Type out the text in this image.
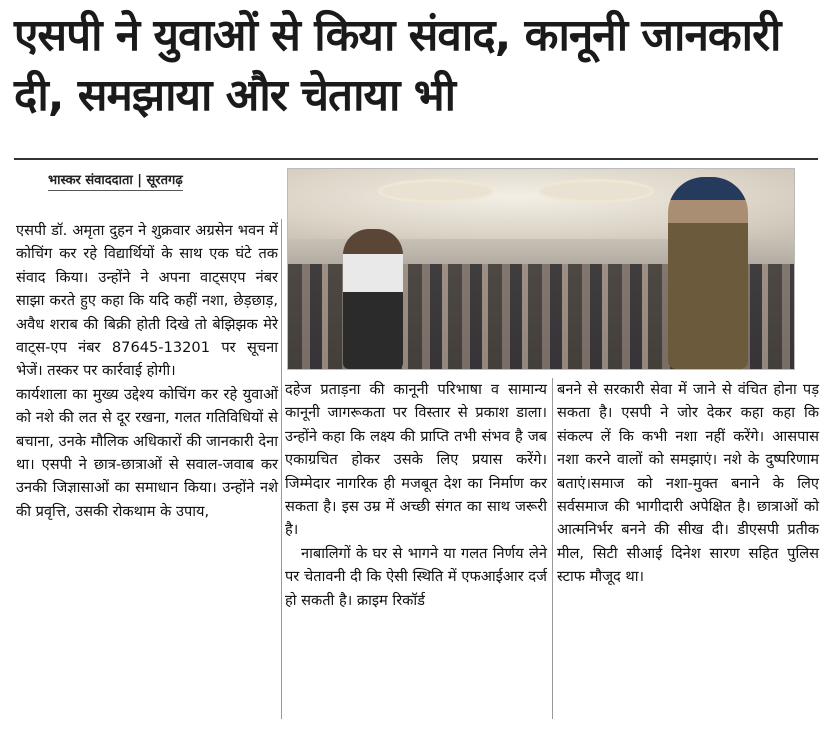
एसपी ने युवाओं से किया संवाद, कानूनी जानकारी दी, समझाया और चेताया भी
भास्कर संवाददाता | सूरतगढ़

एसपी डॉ. अमृता दुहन ने शुक्रवार अग्रसेन भवन में कोचिंग कर रहे विद्यार्थियों के साथ एक घंटे तक संवाद किया। उन्होंने ने अपना वाट्सएप नंबर साझा करते हुए कहा कि यदि कहीं नशा, छेड़छाड़, अवैध शराब की बिक्री होती दिखे तो बेझिझक मेरे वाट्स-एप नंबर 87645-13201 पर सूचना भेजें। तस्कर पर कार्रवाई होगी।

कार्यशाला का मुख्य उद्देश्य कोचिंग कर रहे युवाओं को नशे की लत से दूर रखना, गलत गतिविधियों से बचाना, उनके मौलिक अधिकारों की जानकारी देना था। एसपी ने छात्र-छात्राओं से सवाल-जवाब कर उनकी जिज्ञासाओं का समाधान किया। उन्होंने नशे की प्रवृत्ति, उसकी रोकथाम के उपाय,

दहेज प्रताड़ना की कानूनी परिभाषा व सामान्य कानूनी जागरूकता पर विस्तार से प्रकाश डाला। उन्होंने कहा कि लक्ष्य की प्राप्ति तभी संभव है जब एकाग्रचित होकर उसके लिए प्रयास करेंगे। जिम्मेदार नागरिक ही मजबूत देश का निर्माण कर सकता है। इस उम्र में अच्छी संगत का साथ जरूरी है।

नाबालिगों के घर से भागने या गलत निर्णय लेने पर चेतावनी दी कि ऐसी स्थिति में एफआईआर दर्ज हो सकती है। क्राइम रिकॉर्ड

बनने से सरकारी सेवा में जाने से वंचित होना पड़ सकता है। एसपी ने जोर देकर कहा कहा कि संकल्प लें कि कभी नशा नहीं करेंगे। आसपास नशा करने वालों को समझाएं। नशे के दुष्परिणाम बताएं।समाज को नशा-मुक्त बनाने के लिए सर्वसमाज की भागीदारी अपेक्षित है। छात्राओं को आत्मनिर्भर बनने की सीख दी। डीएसपी प्रतीक मील, सिटी सीआई दिनेश सारण सहित पुलिस स्टाफ मौजूद था।
